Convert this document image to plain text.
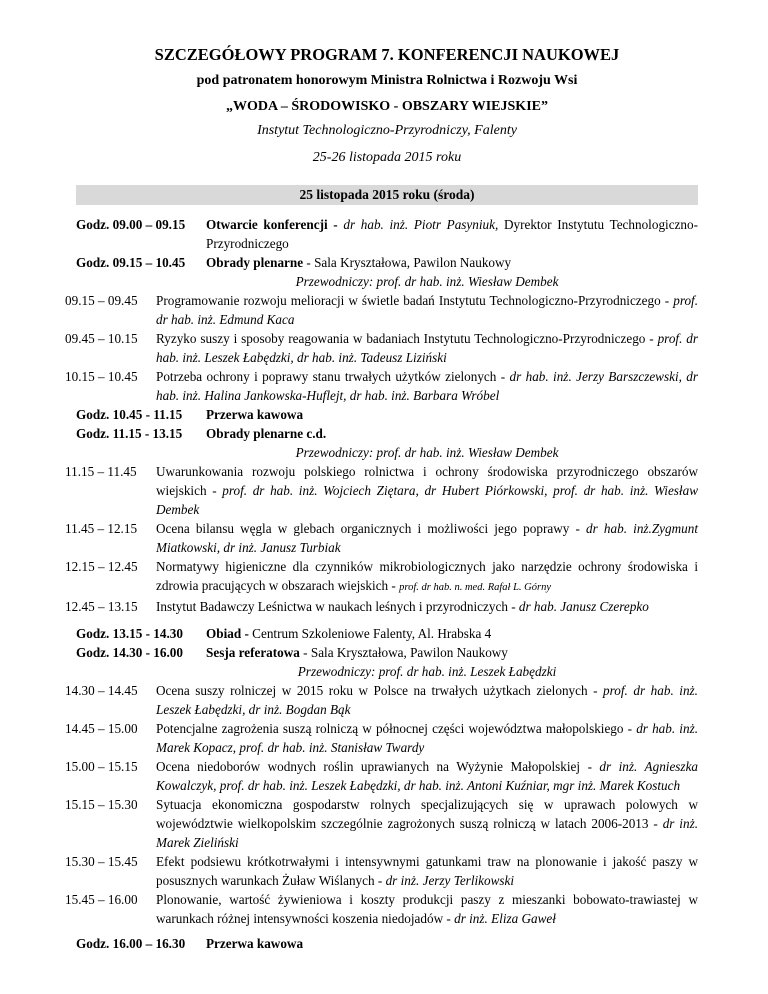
SZCZEGÓŁOWY PROGRAM 7. KONFERENCJI NAUKOWEJ
pod patronatem honorowym Ministra Rolnictwa i Rozwoju Wsi
„WODA – ŚRODOWISKO - OBSZARY WIEJSKIE”
Instytut Technologiczno-Przyrodniczy, Falenty
25-26 listopada 2015 roku
25 listopada 2015 roku (środa)
Godz. 09.00 – 09.15	Otwarcie konferencji - dr hab. inż. Piotr Pasyniuk, Dyrektor Instytutu Technologiczno-Przyrodniczego
Godz. 09.15 – 10.45	Obrady plenarne - Sala Kryształowa, Pawilon Naukowy
Przewodniczy: prof. dr hab. inż. Wiesław Dembek
09.15 – 09.45	Programowanie rozwoju melioracji w świetle badań Instytutu Technologiczno-Przyrodniczego - prof. dr hab. inż. Edmund Kaca
09.45 – 10.15	Ryzyko suszy i sposoby reagowania w badaniach Instytutu Technologiczno-Przyrodniczego - prof. dr hab. inż. Leszek Łabędzki, dr hab. inż. Tadeusz Liziński
10.15 – 10.45	Potrzeba ochrony i poprawy stanu trwałych użytków zielonych - dr hab. inż. Jerzy Barszczewski, dr hab. inż. Halina Jankowska-Huflejt, dr hab. inż. Barbara Wróbel
Godz. 10.45 - 11.15	Przerwa kawowa
Godz. 11.15 - 13.15	Obrady plenarne c.d.
Przewodniczy: prof. dr hab. inż. Wiesław Dembek
11.15 – 11.45	Uwarunkowania rozwoju polskiego rolnictwa i ochrony środowiska przyrodniczego obszarów wiejskich - prof. dr hab. inż. Wojciech Ziętara, dr Hubert Piórkowski, prof. dr hab. inż. Wiesław Dembek
11.45 – 12.15	Ocena bilansu węgla w glebach organicznych i możliwości jego poprawy - dr hab. inż.Zygmunt Miatkowski, dr inż. Janusz Turbiak
12.15 – 12.45	Normatywy higieniczne dla czynników mikrobiologicznych jako narzędzie ochrony środowiska i zdrowia pracujących w obszarach wiejskich - prof. dr hab. n. med. Rafał L. Górny
12.45 – 13.15	Instytut Badawczy Leśnictwa w naukach leśnych i przyrodniczych - dr hab. Janusz Czerepko
Godz. 13.15 - 14.30	Obiad - Centrum Szkoleniowe Falenty, Al. Hrabska 4
Godz. 14.30 - 16.00	Sesja referatowa - Sala Kryształowa, Pawilon Naukowy
Przewodniczy: prof. dr hab. inż. Leszek Łabędzki
14.30 – 14.45	Ocena suszy rolniczej w 2015 roku w Polsce na trwałych użytkach zielonych - prof. dr hab. inż. Leszek Łabędzki, dr inż. Bogdan Bąk
14.45 – 15.00	Potencjalne zagrożenia suszą rolniczą w północnej części województwa małopolskiego - dr hab. inż. Marek Kopacz, prof. dr hab. inż. Stanisław Twardy
15.00 – 15.15	Ocena niedoborów wodnych roślin uprawianych na Wyżynie Małopolskiej - dr inż. Agnieszka Kowalczyk, prof. dr hab. inż. Leszek Łabędzki, dr hab. inż. Antoni Kuźniar, mgr inż. Marek Kostuch
15.15 – 15.30	Sytuacja ekonomiczna gospodarstw rolnych specjalizujących się w uprawach polowych w województwie wielkopolskim szczególnie zagrożonych suszą rolniczą w latach 2006-2013 - dr inż. Marek Zieliński
15.30 – 15.45	Efekt podsiewu krótkotrwałymi i intensywnymi gatunkami traw na plonowanie i jakość paszy w posusznych warunkach Żuław Wiślanych - dr inż. Jerzy Terlikowski
15.45 – 16.00	Plonowanie, wartość żywieniowa i koszty produkcji paszy z mieszanki bobowato-trawiastej w warunkach różnej intensywności koszenia niedojadów - dr inż. Eliza Gaweł
Godz. 16.00 – 16.30	Przerwa kawowa
